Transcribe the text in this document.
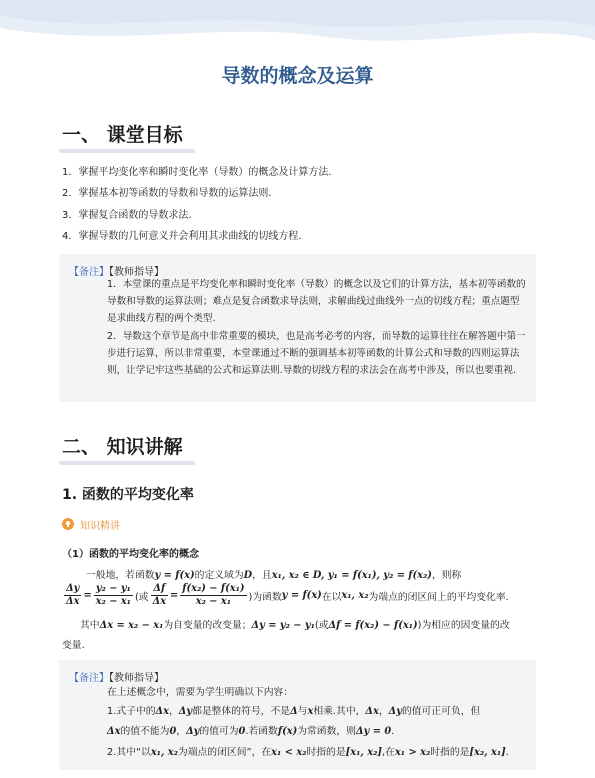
导数的概念及运算
一、 课堂目标
1．掌握平均变化率和瞬时变化率（导数）的概念及计算方法．
2．掌握基本初等函数的导数和导数的运算法则．
3．掌握复合函数的导数求法．
4．掌握导数的几何意义并会利用其求曲线的切线方程．
【备注】【教师指导】
1．本堂课的重点是平均变化率和瞬时变化率（导数）的概念以及它们的计算方法，基本初等函数的导数和导数的运算法则；难点是复合函数求导法则，求解曲线过曲线外一点的切线方程；重点题型是求曲线方程的两个类型.
2．导数这个章节是高中非常重要的模块，也是高考必考的内容，而导数的运算往往在解答题中第一步进行运算，所以非常重要，本堂课通过不断的强调基本初等函数的计算公式和导数的四则运算法则，让学记牢这些基础的公式和运算法则.导数的切线方程的求法会在高考中涉及，所以也要重视.
二、 知识讲解
1. 函数的平均变化率
知识精讲
（1）函数的平均变化率的概念
一般地，若函数y = f(x)的定义域为D，且x₁, x₂ ∈ D, y₁ = f(x₁), y₂ = f(x₂)，则称
$\frac{\Delta y}{\Delta x} = \frac{\text{y₂ − y₁}}{\text{x₂ − x₁}}$ (或 $\frac{\Delta f}{\Delta x} = \frac{\text{f(x₂) − f(x₁)}}{\text{x₂ − x₁}}$ )为函数 y = f(x) 在以 x₁, x₂ 为端点的闭区间上的平均变化率.
其中Δx = x₂ − x₁为自变量的改变量；Δy = y₂ − y₁(或Δf = f(x₂) − f(x₁))为相应的因变量的改
变量.
【备注】【教师指导】
在上述概念中，需要为学生明确以下内容：
1.式子中的Δx，Δy都是整体的符号，不是Δ与x相乘.其中，Δx，Δy的值可正可负，但
Δx的值不能为0，Δy的值可为0.若函数f(x)为常函数，则Δy = 0.
2.其中“以x₁, x₂为端点的闭区间”，在x₁ < x₂时指的是[x₁, x₂],在x₁ > x₂时指的是[x₂, x₁].
